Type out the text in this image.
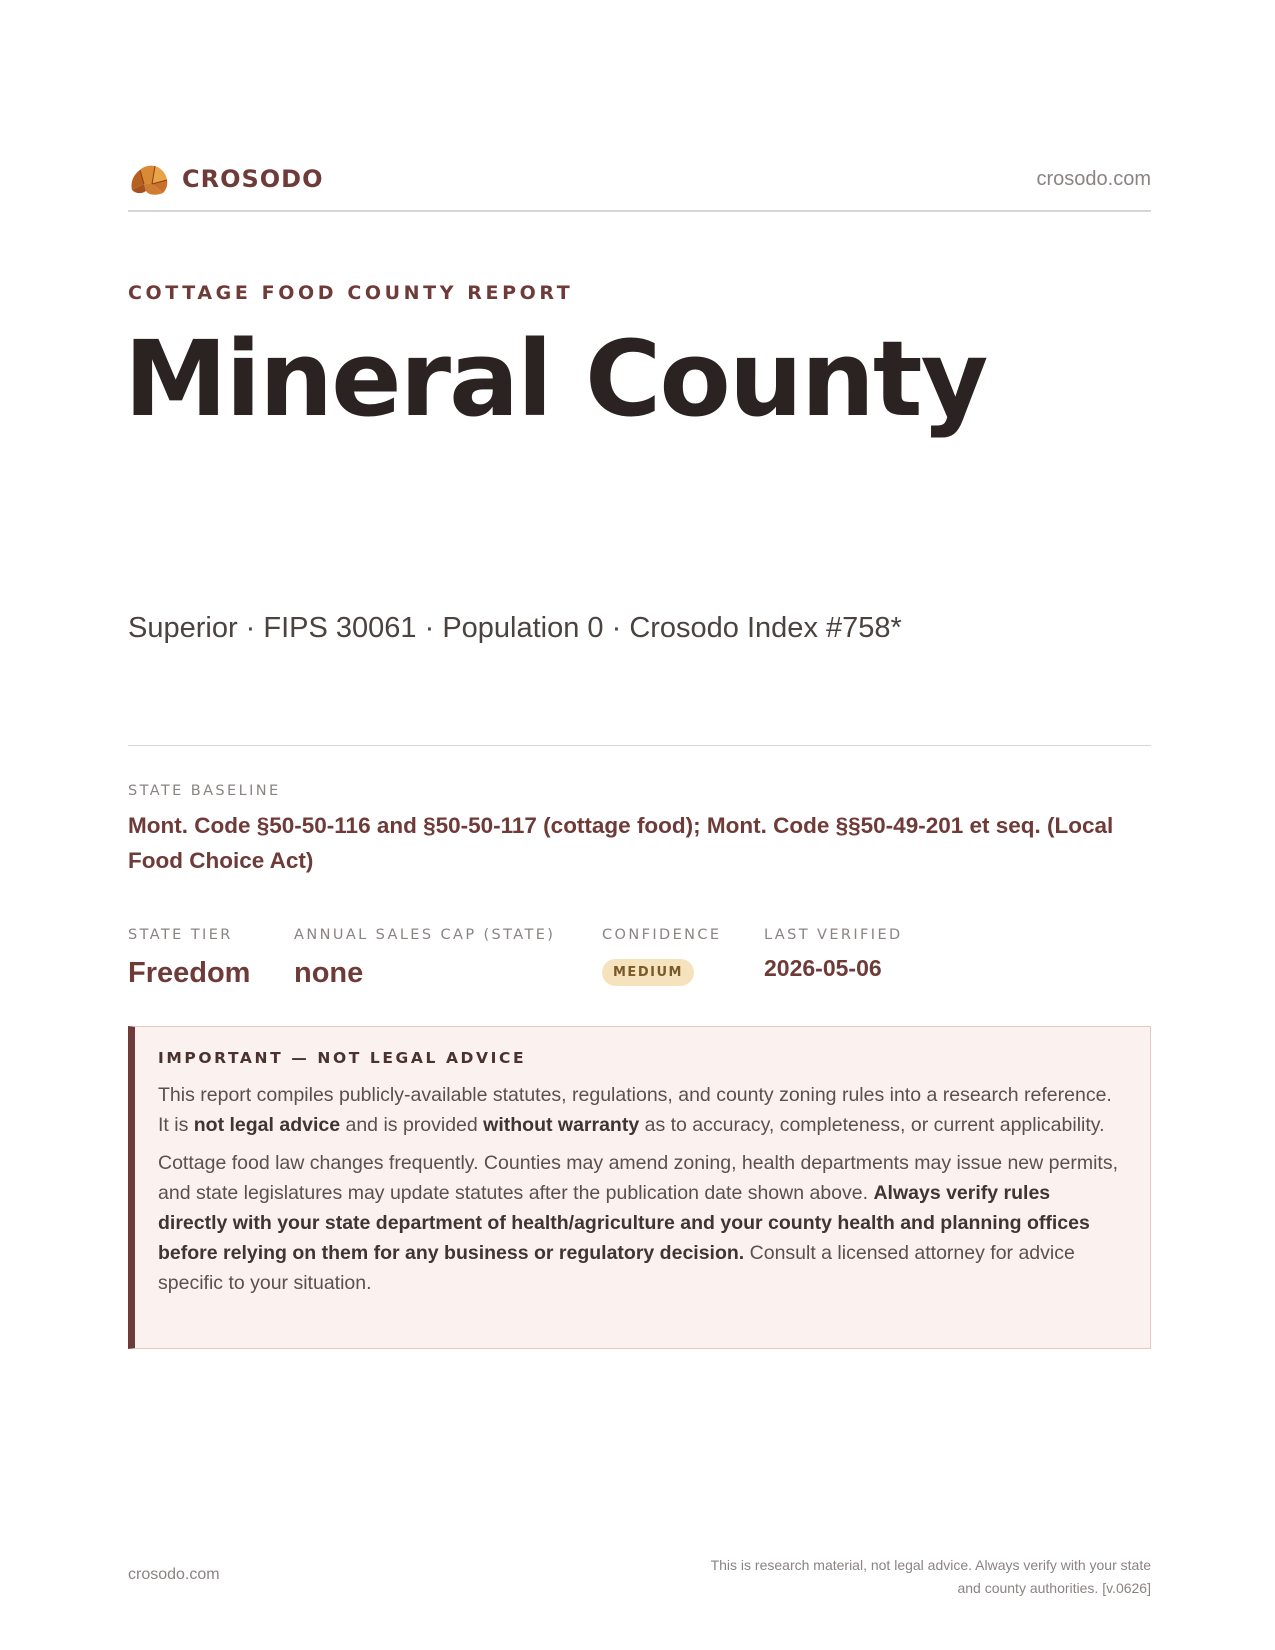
CROSODO	crosodo.com
COTTAGE FOOD COUNTY REPORT
Mineral County
Superior · FIPS 30061 · Population 0 · Crosodo Index #758*
STATE BASELINE
Mont. Code §50-50-116 and §50-50-117 (cottage food); Mont. Code §§50-49-201 et seq. (Local Food Choice Act)
STATE TIER
Freedom
ANNUAL SALES CAP (STATE)
none
CONFIDENCE
MEDIUM
LAST VERIFIED
2026-05-06
IMPORTANT — NOT LEGAL ADVICE

This report compiles publicly-available statutes, regulations, and county zoning rules into a research reference. It is not legal advice and is provided without warranty as to accuracy, completeness, or current applicability.

Cottage food law changes frequently. Counties may amend zoning, health departments may issue new permits, and state legislatures may update statutes after the publication date shown above. Always verify rules directly with your state department of health/agriculture and your county health and planning offices before relying on them for any business or regulatory decision. Consult a licensed attorney for advice specific to your situation.

crosodo.com
This is research material, not legal advice. Always verify with your state
and county authorities. [v.0626]
